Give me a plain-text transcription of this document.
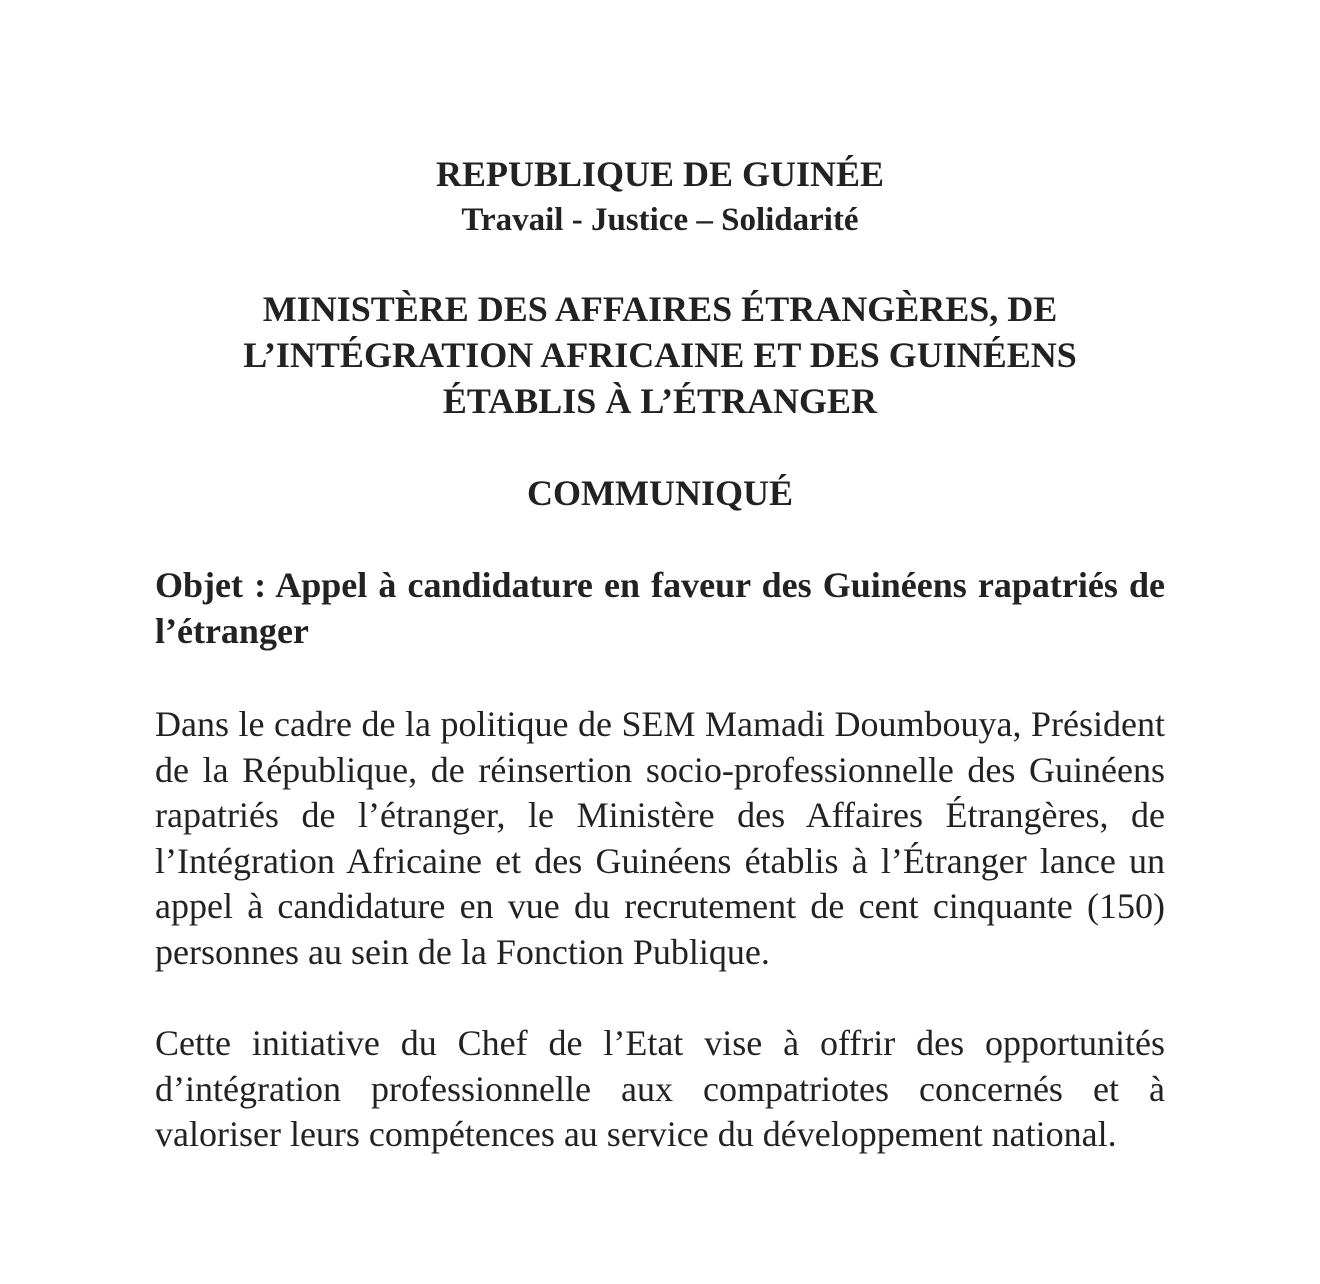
REPUBLIQUE DE GUINÉE

Travail - Justice – Solidarité

MINISTÈRE DES AFFAIRES ÉTRANGÈRES, DE
L’INTÉGRATION AFRICAINE ET DES GUINÉENS
ÉTABLIS À L’ÉTRANGER

COMMUNIQUÉ

Objet : Appel à candidature en faveur des Guinéens rapatriés de l’étranger

Dans le cadre de la politique de SEM Mamadi Doumbouya, Président de la République, de réinsertion socio-professionnelle des Guinéens rapatriés de l’étranger, le Ministère des Affaires Étrangères, de l’Intégration Africaine et des Guinéens établis à l’Étranger lance un appel à candidature en vue du recrutement de cent cinquante (150) personnes au sein de la Fonction Publique.

Cette initiative du Chef de l’Etat vise à offrir des opportunités d’intégration professionnelle aux compatriotes concernés et à valoriser leurs compétences au service du développement national.
